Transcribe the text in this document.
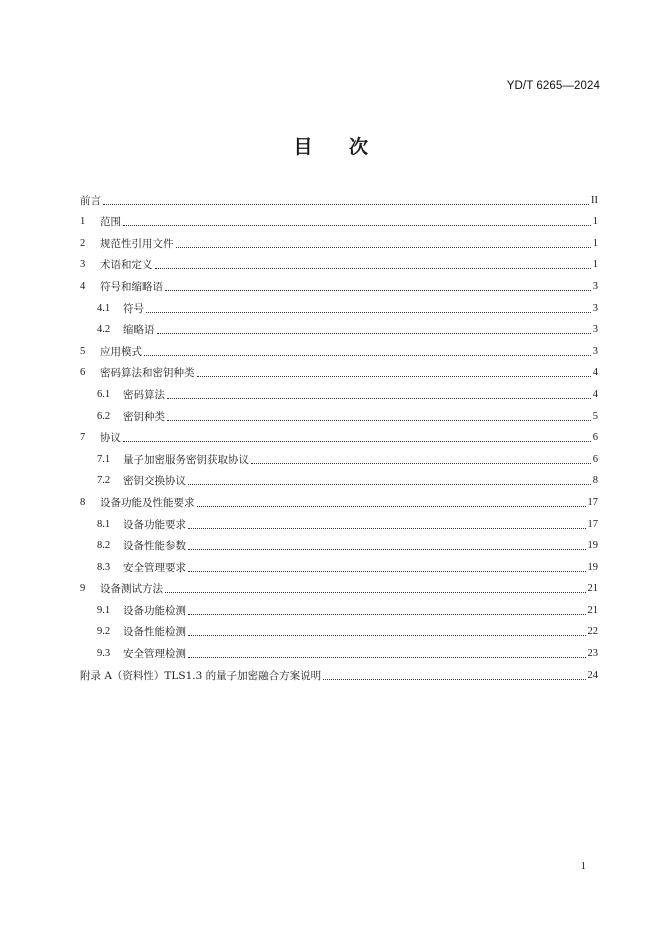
YD/T 6265—2024
目 次
前言	II
1	范围	1
2	规范性引用文件	1
3	术语和定义	1
4	符号和缩略语	3
4.1	符号	3
4.2	缩略语	3
5	应用模式	3
6	密码算法和密钥种类	4
6.1	密码算法	4
6.2	密钥种类	5
7	协议	6
7.1	量子加密服务密钥获取协议	6
7.2	密钥交换协议	8
8	设备功能及性能要求	17
8.1	设备功能要求	17
8.2	设备性能参数	19
8.3	安全管理要求	19
9	设备测试方法	21
9.1	设备功能检测	21
9.2	设备性能检测	22
9.3	安全管理检测	23
附录 A（资料性）TLS1.3 的量子加密融合方案说明	24
1
